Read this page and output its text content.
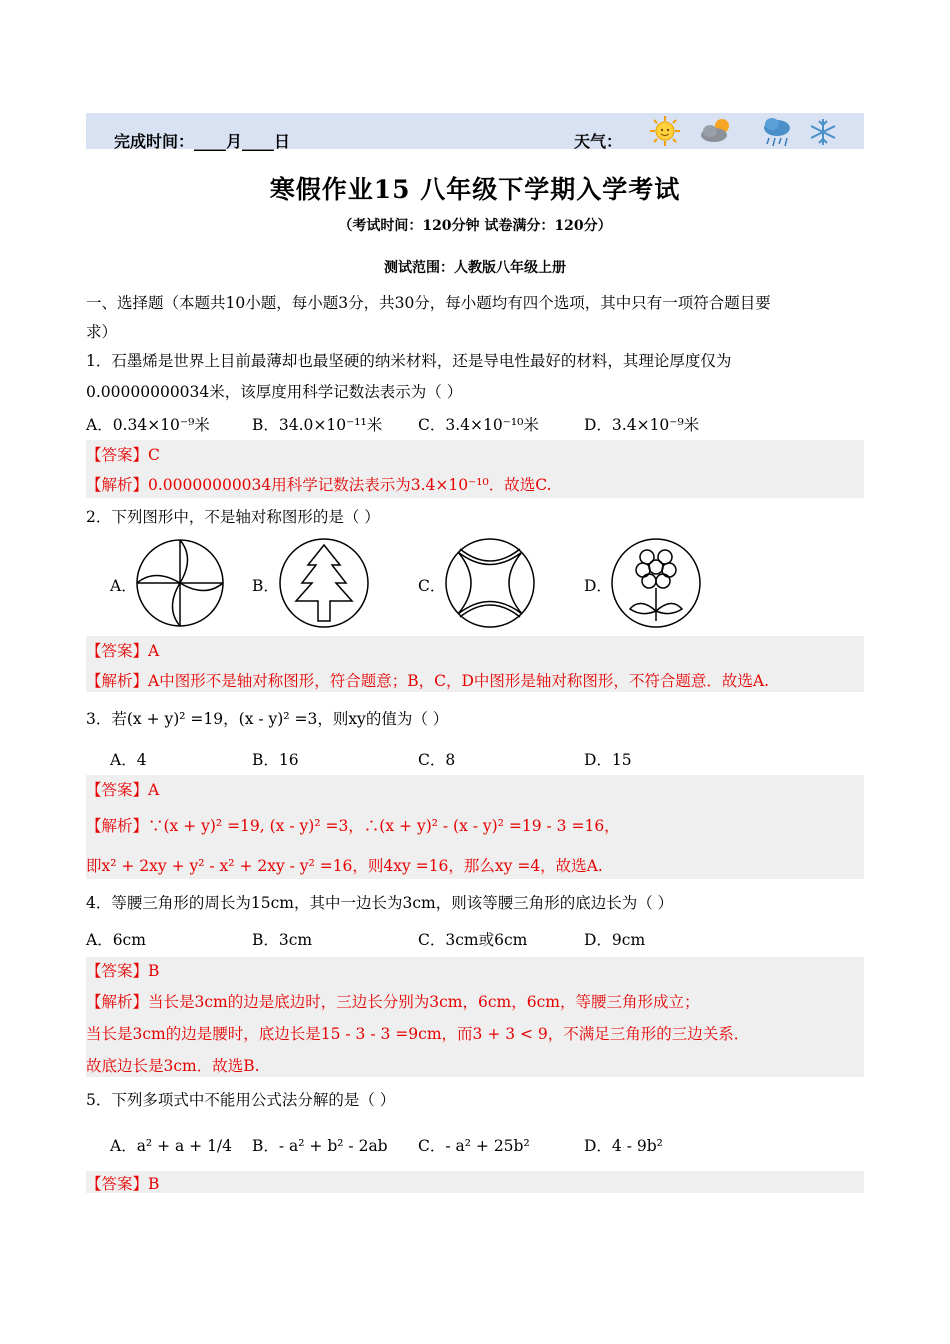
完成时间：____月____日	天气：
寒假作业15 八年级下学期入学考试
（考试时间：120分钟 试卷满分：120分）
测试范围：人教版八年级上册
一、选择题（本题共10小题，每小题3分，共30分，每小题均有四个选项，其中只有一项符合题目要
求）
1．石墨烯是世界上目前最薄却也最坚硬的纳米材料，还是导电性最好的材料，其理论厚度仅为
0.00000000034米，该厚度用科学记数法表示为（ ）
A．0.34×10⁻⁹米	B．34.0×10⁻¹¹米 C．3.4×10⁻¹⁰米	D．3.4×10⁻⁹米
【答案】C
【解析】0.00000000034用科学记数法表示为3.4×10⁻¹⁰．故选C.
2．下列图形中，不是轴对称图形的是（ ）
A．	B．	C．	D．
【答案】A
【解析】A中图形不是轴对称图形，符合题意；B，C，D中图形是轴对称图形，不符合题意．故选A.
3．若(x + y)² =19，(x - y)² =3，则xy的值为（ ）
A．4	B．16	C．8	D．15
【答案】A
【解析】∵(x + y)² =19, (x - y)² =3，∴(x + y)² - (x - y)² =19 - 3 =16，
即x² + 2xy + y² - x² + 2xy - y² =16，则4xy =16，那么xy =4，故选A.
4．等腰三角形的周长为15cm，其中一边长为3cm，则该等腰三角形的底边长为（ ）
A．6cm	B．3cm	C．3cm或6cm	D．9cm
【答案】B
【解析】当长是3cm的边是底边时，三边长分别为3cm，6cm，6cm，等腰三角形成立；
当长是3cm的边是腰时，底边长是15 - 3 - 3 =9cm，而3 + 3 < 9，不满足三角形的三边关系．
故底边长是3cm．故选B.
5．下列多项式中不能用公式法分解的是（ ）
A．a² + a + 1/4 B．- a² + b² - 2ab C．- a² + 25b²	D．4 - 9b²
【答案】B
